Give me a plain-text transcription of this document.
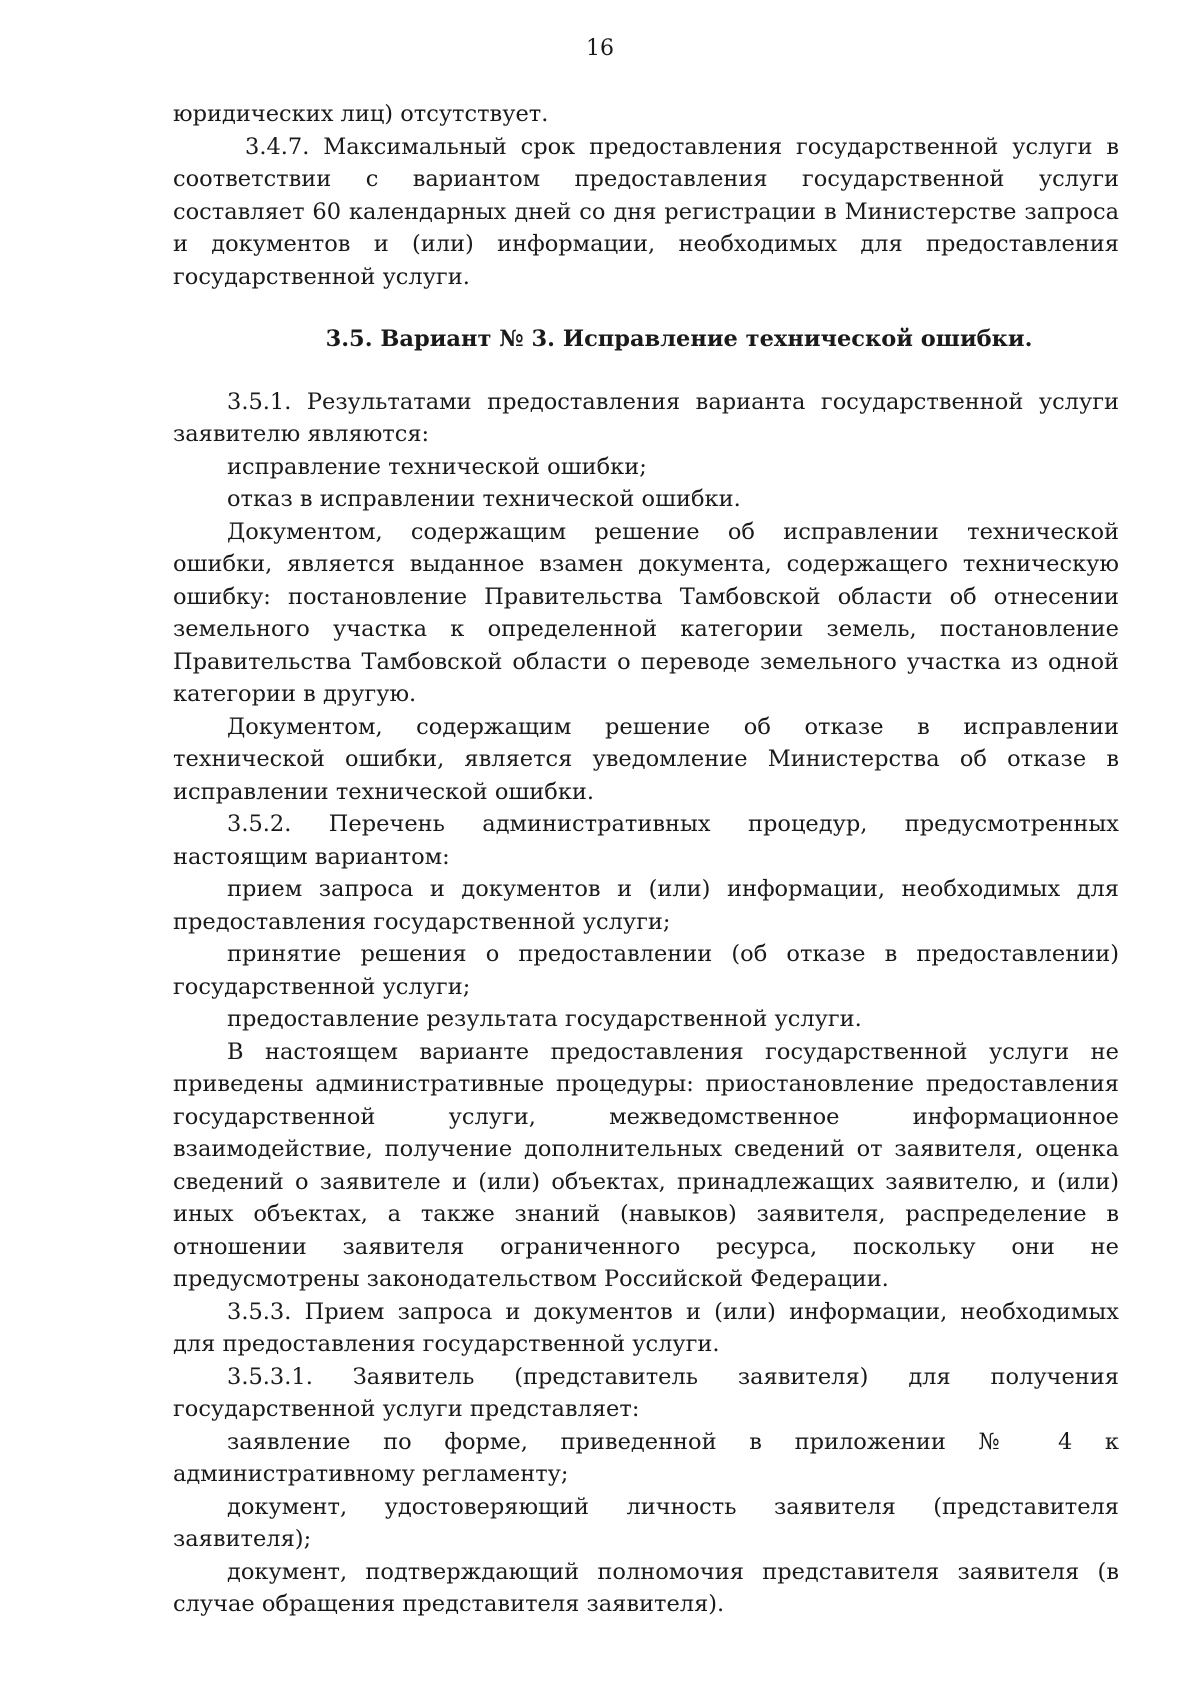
16

юридических лиц) отсутствует.

3.4.7. Максимальный срок предоставления государственной услуги в соответствии с вариантом предоставления государственной услуги составляет 60 календарных дней со дня регистрации в Министерстве запроса и документов и (или) информации, необходимых для предоставления государственной услуги.

3.5. Вариант № 3. Исправление технической ошибки.

3.5.1. Результатами предоставления варианта государственной услуги заявителю являются:

исправление технической ошибки;

отказ в исправлении технической ошибки.

Документом, содержащим решение об исправлении технической ошибки, является выданное взамен документа, содержащего техническую ошибку: постановление Правительства Тамбовской области об отнесении земельного участка к определенной категории земель, постановление Правительства Тамбовской области о переводе земельного участка из одной категории в другую.

Документом, содержащим решение об отказе в исправлении технической ошибки, является уведомление Министерства об отказе в исправлении технической ошибки.

3.5.2. Перечень административных процедур, предусмотренных настоящим вариантом:

прием запроса и документов и (или) информации, необходимых для предоставления государственной услуги;

принятие решения о предоставлении (об отказе в предоставлении) государственной услуги;

предоставление результата государственной услуги.

В настоящем варианте предоставления государственной услуги не приведены административные процедуры: приостановление предоставления государственной услуги, межведомственное информационное взаимодействие, получение дополнительных сведений от заявителя, оценка сведений о заявителе и (или) объектах, принадлежащих заявителю, и (или) иных объектах, а также знаний (навыков) заявителя, распределение в отношении заявителя ограниченного ресурса, поскольку они не предусмотрены законодательством Российской Федерации.

3.5.3. Прием запроса и документов и (или) информации, необходимых для предоставления государственной услуги.

3.5.3.1. Заявитель (представитель заявителя) для получения государственной услуги представляет:

заявление по форме, приведенной в приложении № 4 к административному регламенту;

документ, удостоверяющий личность заявителя (представителя заявителя);

документ, подтверждающий полномочия представителя заявителя (в случае обращения представителя заявителя).
